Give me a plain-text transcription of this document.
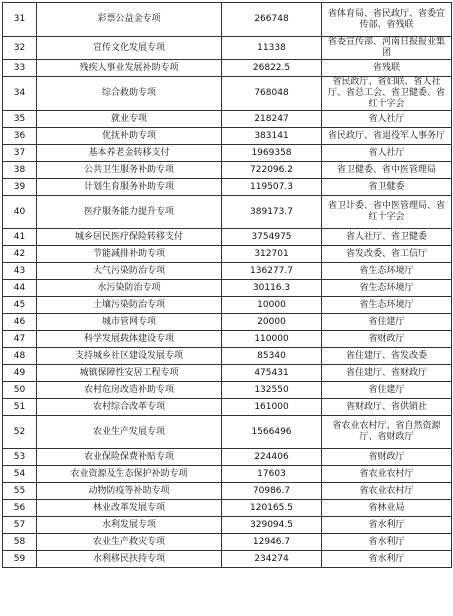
31	彩票公益金专项	266748	省体育局、省民政厅、省委宣传部、省残联
32	宣传文化发展专项	11338	省委宣传部、河南日报报业集团
33	残疾人事业发展补助专项	26822.5	省残联
34	综合救助专项	768048	省民政厅、省妇联、省人社厅、省总工会、省卫健委、省红十字会
35	就业专项	218247	省人社厅
36	优抚补助专项	383141	省民政厅、省退役军人事务厅
37	基本养老金转移支付	1969358	省人社厅
38	公共卫生服务补助专项	722096.2	省卫健委、省中医管理局
39	计划生育服务补助专项	119507.3	省卫健委
40	医疗服务能力提升专项	389173.7	省卫计委、省中医管理局、省红十字会
41	城乡居民医疗保险转移支付	3754975	省人社厅、省卫健委
42	节能减排补助专项	312701	省发改委、省工信厅
43	大气污染防治专项	136277.7	省生态环境厅
44	水污染防治专项	30116.3	省生态环境厅
45	土壤污染防治专项	10000	省生态环境厅
46	城市管网专项	20000	省住建厅
47	科学发展载体建设专项	110000	省财政厅
48	支持城乡社区建设发展专项	85340	省住建厅、省发改委
49	城镇保障性安居工程专项	475431	省住建厅、省财政厅
50	农村危房改造补助专项	132550	省住建厅
51	农村综合改革专项	161000	省财政厅、省供销社
52	农业生产发展专项	1566496	省农业农村厅、省自然资源厅、省财政厅
53	农业保险保费补贴专项	224406	省财政厅
54	农业资源及生态保护补助专项	17603	省农业农村厅
55	动物防疫等补助专项	70986.7	省农业农村厅
56	林业改革发展专项	120165.5	省林业局
57	水利发展专项	329094.5	省水利厅
58	农业生产救灾专项	12946.7	省水利厅
59	水利移民扶持专项	234274	省水利厅
